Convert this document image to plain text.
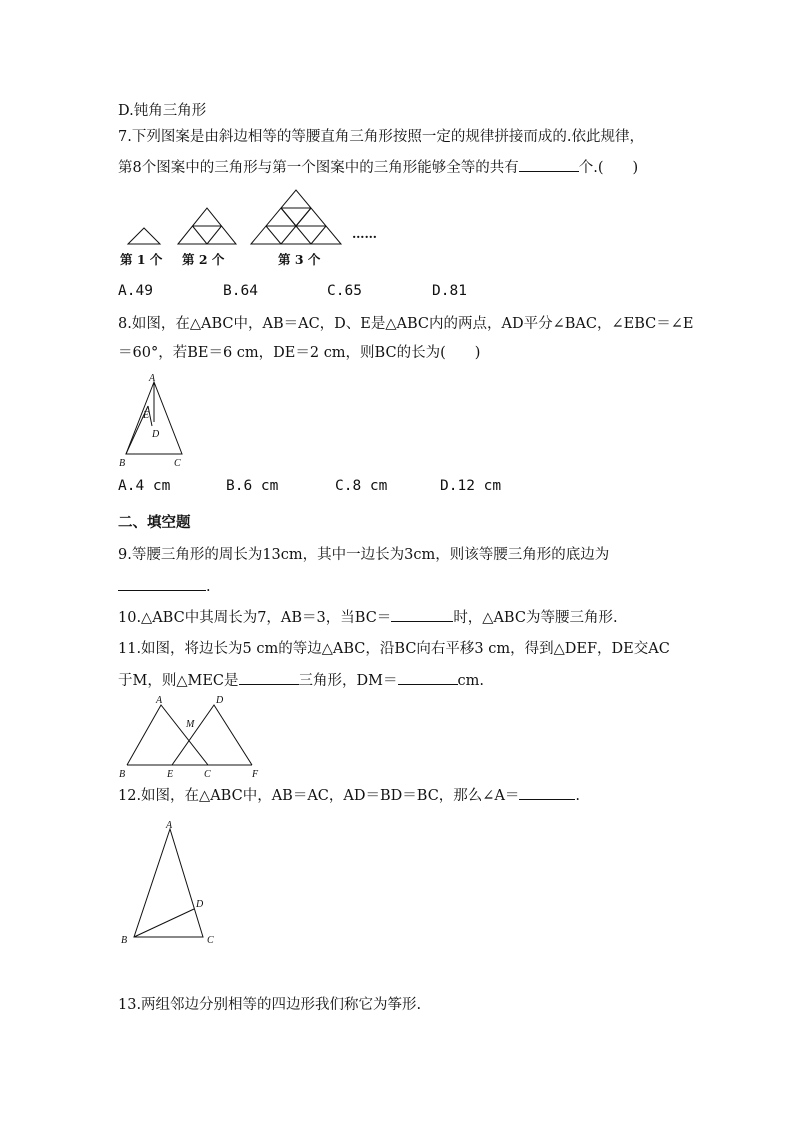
D.钝角三角形
7.下列图案是由斜边相等的等腰直角三角形按照一定的规律拼接而成的.依此规律，
第8个图案中的三角形与第一个图案中的三角形能够全等的共有	个.(　　)
……
第 1 个 第 2 个	第 3 个
A.49	B.64	C.65	D.81
8.如图，在△ABC中，AB＝AC，D、E是△ABC内的两点，AD平分∠BAC，∠EBC＝∠E
＝60°，若BE＝6 cm，DE＝2 cm，则BC的长为(　　)
A
E
D
B	C
A.4 cm	B.6 cm	C.8 cm	D.12 cm
二、填空题
9.等腰三角形的周长为13cm，其中一边长为3cm，则该等腰三角形的底边为
.
10.△ABC中其周长为7，AB＝3，当BC＝	时，△ABC为等腰三角形.
11.如图，将边长为5 cm的等边△ABC，沿BC向右平移3 cm，得到△DEF，DE交AC
于M，则△MEC是	三角形，DM＝	cm.
A	D
M
B	E	C	F
12.如图，在△ABC中，AB＝AC，AD＝BD＝BC，那么∠A＝	.
A
D
B	C
13.两组邻边分别相等的四边形我们称它为筝形.
